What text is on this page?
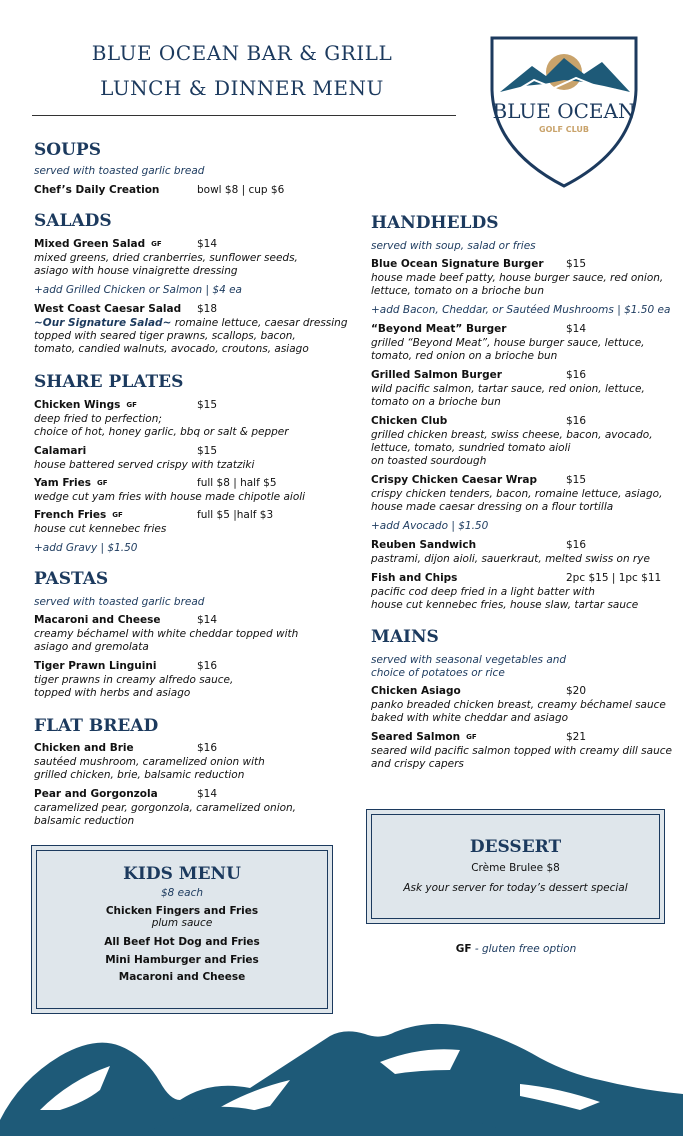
BLUE OCEAN BAR & GRILL
LUNCH & DINNER MENU
BLUE OCEAN
GOLF CLUB
SOUPS
served with toasted garlic bread
Chef’s Daily Creation	bowl $8 | cup $6
SALADS
Mixed Green Salad GF	$14
mixed greens, dried cranberries, sunflower seeds,
asiago with house vinaigrette dressing
+add Grilled Chicken or Salmon | $4 ea
West Coast Caesar Salad $18
~Our Signature Salad~ romaine lettuce, caesar dressing
topped with seared tiger prawns, scallops, bacon,
tomato, candied walnuts, avocado, croutons, asiago
SHARE PLATES
Chicken Wings GF	$15
deep fried to perfection;
choice of hot, honey garlic, bbq or salt & pepper
Calamari	$15
house battered served crispy with tzatziki
Yam Fries GF	full $8 | half $5
wedge cut yam fries with house made chipotle aioli
French Fries GF	full $5 |half $3
house cut kennebec fries
+add Gravy | $1.50
PASTAS
served with toasted garlic bread
Macaroni and Cheese	$14
creamy béchamel with white cheddar topped with
asiago and gremolata
Tiger Prawn Linguini	$16
tiger prawns in creamy alfredo sauce,
topped with herbs and asiago
FLAT BREAD
Chicken and Brie	$16
sautéed mushroom, caramelized onion with
grilled chicken, brie, balsamic reduction
Pear and Gorgonzola	$14
caramelized pear, gorgonzola, caramelized onion,
balsamic reduction
KIDS MENU
$8 each
Chicken Fingers and Fries
plum sauce
All Beef Hot Dog and Fries
Mini Hamburger and Fries
Macaroni and Cheese
HANDHELDS
served with soup, salad or fries
Blue Ocean Signature Burger $15
house made beef patty, house burger sauce, red onion,
lettuce, tomato on a brioche bun
+add Bacon, Cheddar, or Sautéed Mushrooms | $1.50 ea
“Beyond Meat” Burger	$14
grilled “Beyond Meat”, house burger sauce, lettuce,
tomato, red onion on a brioche bun
Grilled Salmon Burger	$16
wild pacific salmon, tartar sauce, red onion, lettuce,
tomato on a brioche bun
Chicken Club	$16
grilled chicken breast, swiss cheese, bacon, avocado,
lettuce, tomato, sundried tomato aioli
on toasted sourdough
Crispy Chicken Caesar Wrap	$15
crispy chicken tenders, bacon, romaine lettuce, asiago,
house made caesar dressing on a flour tortilla
+add Avocado | $1.50
Reuben Sandwich	$16
pastrami, dijon aioli, sauerkraut, melted swiss on rye
Fish and Chips	2pc $15 | 1pc $11
pacific cod deep fried in a light batter with
house cut kennebec fries, house slaw, tartar sauce
MAINS
served with seasonal vegetables and
choice of potatoes or rice
Chicken Asiago	$20
panko breaded chicken breast, creamy béchamel sauce
baked with white cheddar and asiago
Seared Salmon GF	$21
seared wild pacific salmon topped with creamy dill sauce
and crispy capers
DESSERT
Crème Brulee $8
Ask your server for today’s dessert special
GF - gluten free option
